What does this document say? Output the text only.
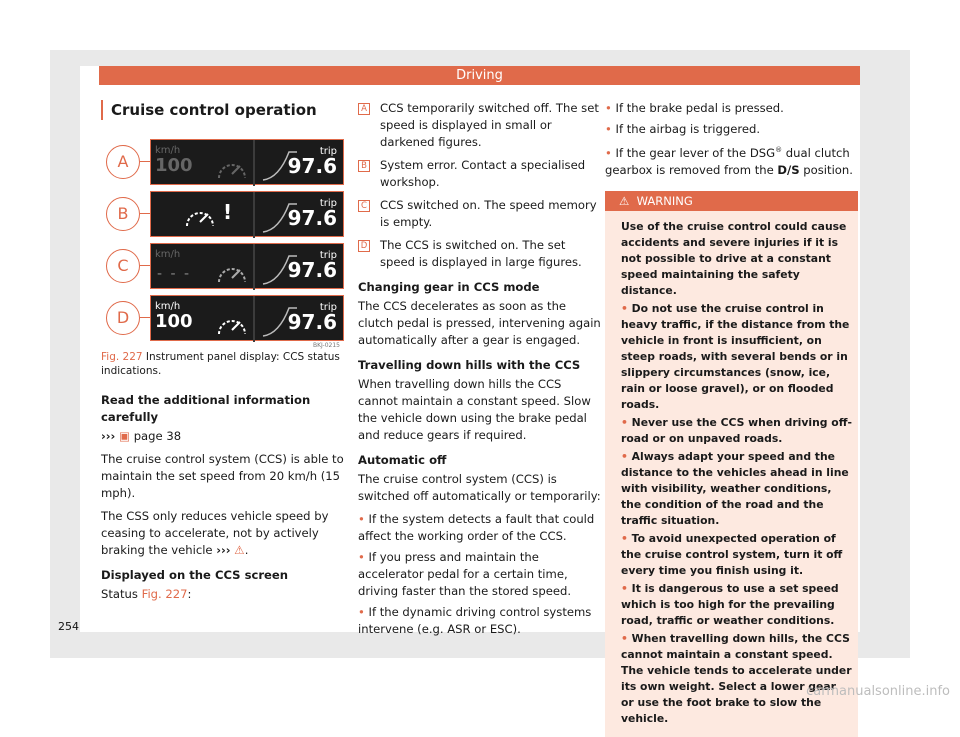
Driving
254
Cruise control operation
A
km/h
100
trip
97.6
B	!	trip
97.6
C
km/h
- - -
trip
97.6
D
km/h
100
trip
97.6
BKJ-0215
Fig. 227 Instrument panel display: CCS status indications.

Read the additional information carefully

››› ▣ page 38

The cruise control system (CCS) is able to maintain the set speed from 20 km/h (15 mph).

The CSS only reduces vehicle speed by ceasing to accelerate, not by actively braking the vehicle ››› ⚠.

Displayed on the CCS screen

Status Fig. 227:

A CCS temporarily switched off. The set speed is displayed in small or darkened figures.
B System error. Contact a specialised workshop.
C CCS switched on. The speed memory is empty.
D The CCS is switched on. The set speed is displayed in large figures.

Changing gear in CCS mode

The CCS decelerates as soon as the clutch pedal is pressed, intervening again automatically after a gear is engaged.

Travelling down hills with the CCS

When travelling down hills the CCS cannot maintain a constant speed. Slow the vehicle down using the brake pedal and reduce gears if required.

Automatic off

The cruise control system (CCS) is switched off automatically or temporarily:

• If the system detects a fault that could affect the working order of the CCS.

• If you press and maintain the accelerator pedal for a certain time, driving faster than the stored speed.

• If the dynamic driving control systems intervene (e.g. ASR or ESC).

• If the brake pedal is pressed.

• If the airbag is triggered.

• If the gear lever of the DSG® dual clutch gearbox is removed from the D/S position.

⚠ WARNING

Use of the cruise control could cause accidents and severe injuries if it is not possible to drive at a constant speed maintaining the safety distance.

• Do not use the cruise control in heavy traffic, if the distance from the vehicle in front is insufficient, on steep roads, with several bends or in slippery circumstances (snow, ice, rain or loose gravel), or on flooded roads.

• Never use the CCS when driving off-road or on unpaved roads.

• Always adapt your speed and the distance to the vehicles ahead in line with visibility, weather conditions, the condition of the road and the traffic situation.

• To avoid unexpected operation of the cruise control system, turn it off every time you finish using it.

• It is dangerous to use a set speed which is too high for the prevailing road, traffic or weather conditions.

• When travelling down hills, the CCS cannot maintain a constant speed. The vehicle tends to accelerate under its own weight. Select a lower gear or use the foot brake to slow the vehicle.

carmanualsonline.info
